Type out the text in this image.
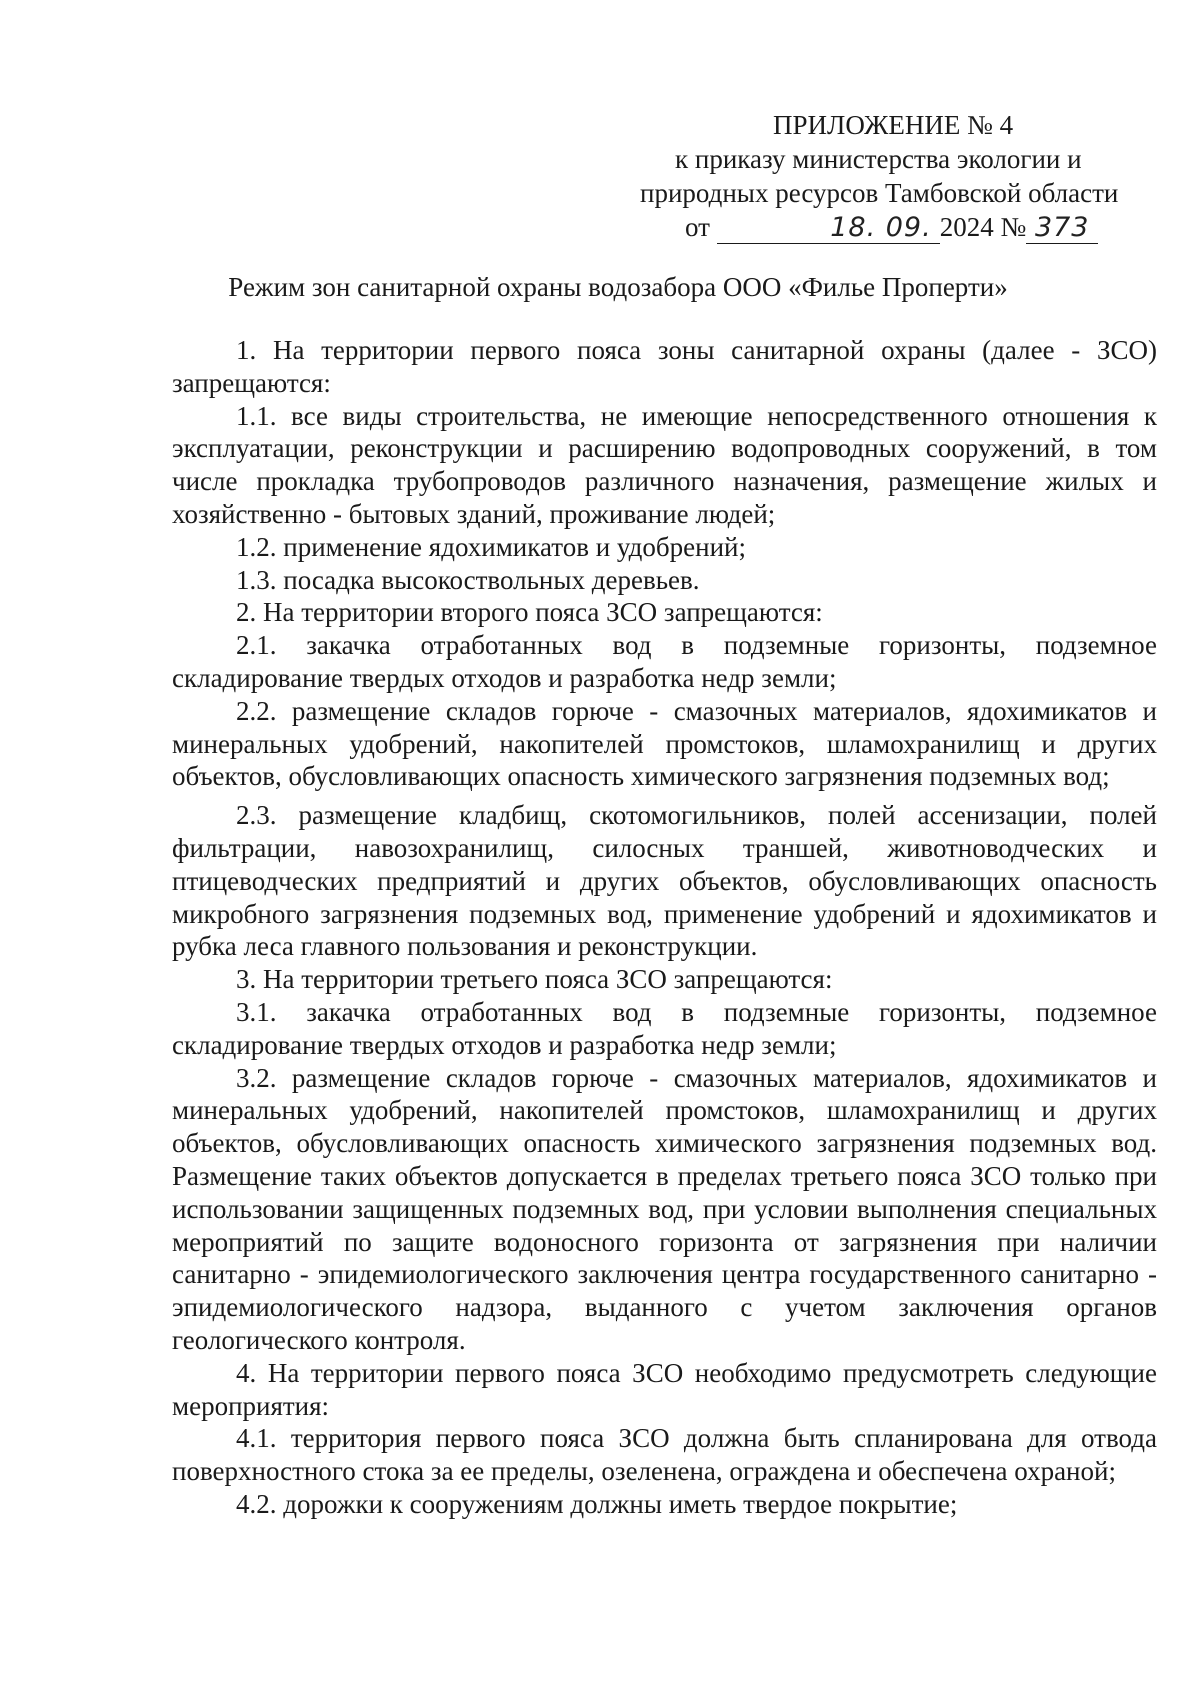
ПРИЛОЖЕНИЕ № 4
к приказу министерства экологии и
природных ресурсов Тамбовской области
от	18. 09. 2024 № 373
Режим зон санитарной охраны водозабора ООО «Филье Проперти»

1. На территории первого пояса зоны санитарной охраны (далее - ЗСО) запрещаются:

1.1. все виды строительства, не имеющие непосредственного отношения к эксплуатации, реконструкции и расширению водопроводных сооружений, в том числе прокладка трубопроводов различного назначения, размещение жилых и хозяйственно - бытовых зданий, проживание людей;

1.2. применение ядохимикатов и удобрений;

1.3. посадка высокоствольных деревьев.

2. На территории второго пояса ЗСО запрещаются:

2.1. закачка отработанных вод в подземные горизонты, подземное складирование твердых отходов и разработка недр земли;

2.2. размещение складов горюче - смазочных материалов, ядохимикатов и минеральных удобрений, накопителей промстоков, шламохранилищ и других объектов, обусловливающих опасность химического загрязнения подземных вод;

2.3. размещение кладбищ, скотомогильников, полей ассенизации, полей фильтрации, навозохранилищ, силосных траншей, животноводческих и птицеводческих предприятий и других объектов, обусловливающих опасность микробного загрязнения подземных вод, применение удобрений и ядохимикатов и рубка леса главного пользования и реконструкции.

3. На территории третьего пояса ЗСО запрещаются:

3.1. закачка отработанных вод в подземные горизонты, подземное складирование твердых отходов и разработка недр земли;

3.2. размещение складов горюче - смазочных материалов, ядохимикатов и минеральных удобрений, накопителей промстоков, шламохранилищ и других объектов, обусловливающих опасность химического загрязнения подземных вод. Размещение таких объектов допускается в пределах третьего пояса ЗСО только при использовании защищенных подземных вод, при условии выполнения специальных мероприятий по защите водоносного горизонта от загрязнения при наличии санитарно - эпидемиологического заключения центра государственного санитарно - эпидемиологического надзора, выданного с учетом заключения органов геологического контроля.

4. На территории первого пояса ЗСО необходимо предусмотреть следующие мероприятия:

4.1. территория первого пояса ЗСО должна быть спланирована для отвода поверхностного стока за ее пределы, озеленена, ограждена и обеспечена охраной;

4.2. дорожки к сооружениям должны иметь твердое покрытие;
